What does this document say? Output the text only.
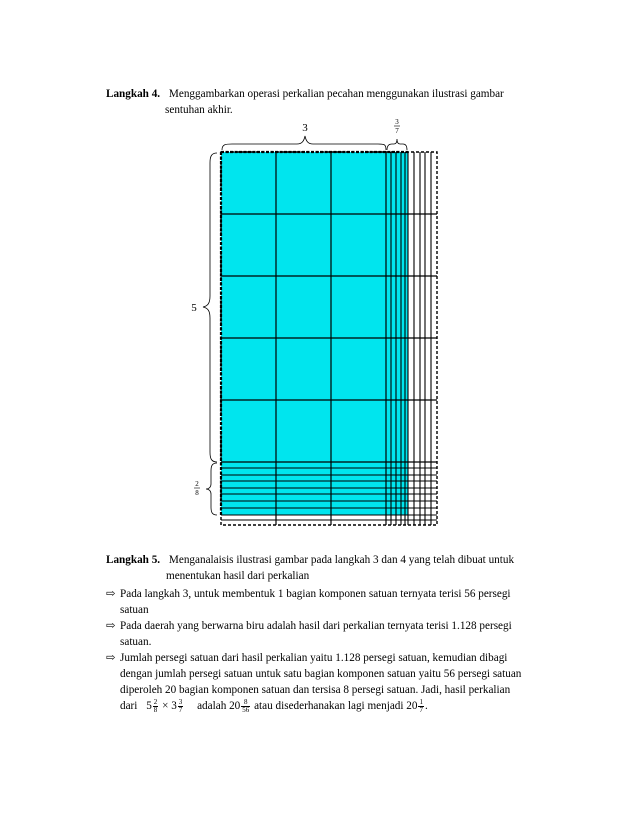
Langkah 4. Menggambarkan operasi perkalian pecahan menggunakan ilustrasi gambar
sentuhan akhir.
3	3
7
5
2
8
Langkah 5. Menganalaisis ilustrasi gambar pada langkah 3 dan 4 yang telah dibuat untuk
menentukan hasil dari perkalian
⇨ Pada langkah 3, untuk membentuk 1 bagian komponen satuan ternyata terisi 56 persegi
satuan
⇨ Pada daerah yang berwarna biru adalah hasil dari perkalian ternyata terisi 1.128 persegi
satuan.
⇨ Jumlah persegi satuan dari hasil perkalian yaitu 1.128 persegi satuan, kemudian dibagi
dengan jumlah persegi satuan untuk satu bagian komponen satuan yaitu 56 persegi satuan
diperoleh 20 bagian komponen satuan dan tersisa 8 persegi satuan. Jadi, hasil perkalian
dari $5 \frac{2}{8} \times 3 \frac{3}{7}$ adalah $20 \frac{8}{56}$ atau disederhanakan lagi menjadi $20 \frac{1}{7}$ .
